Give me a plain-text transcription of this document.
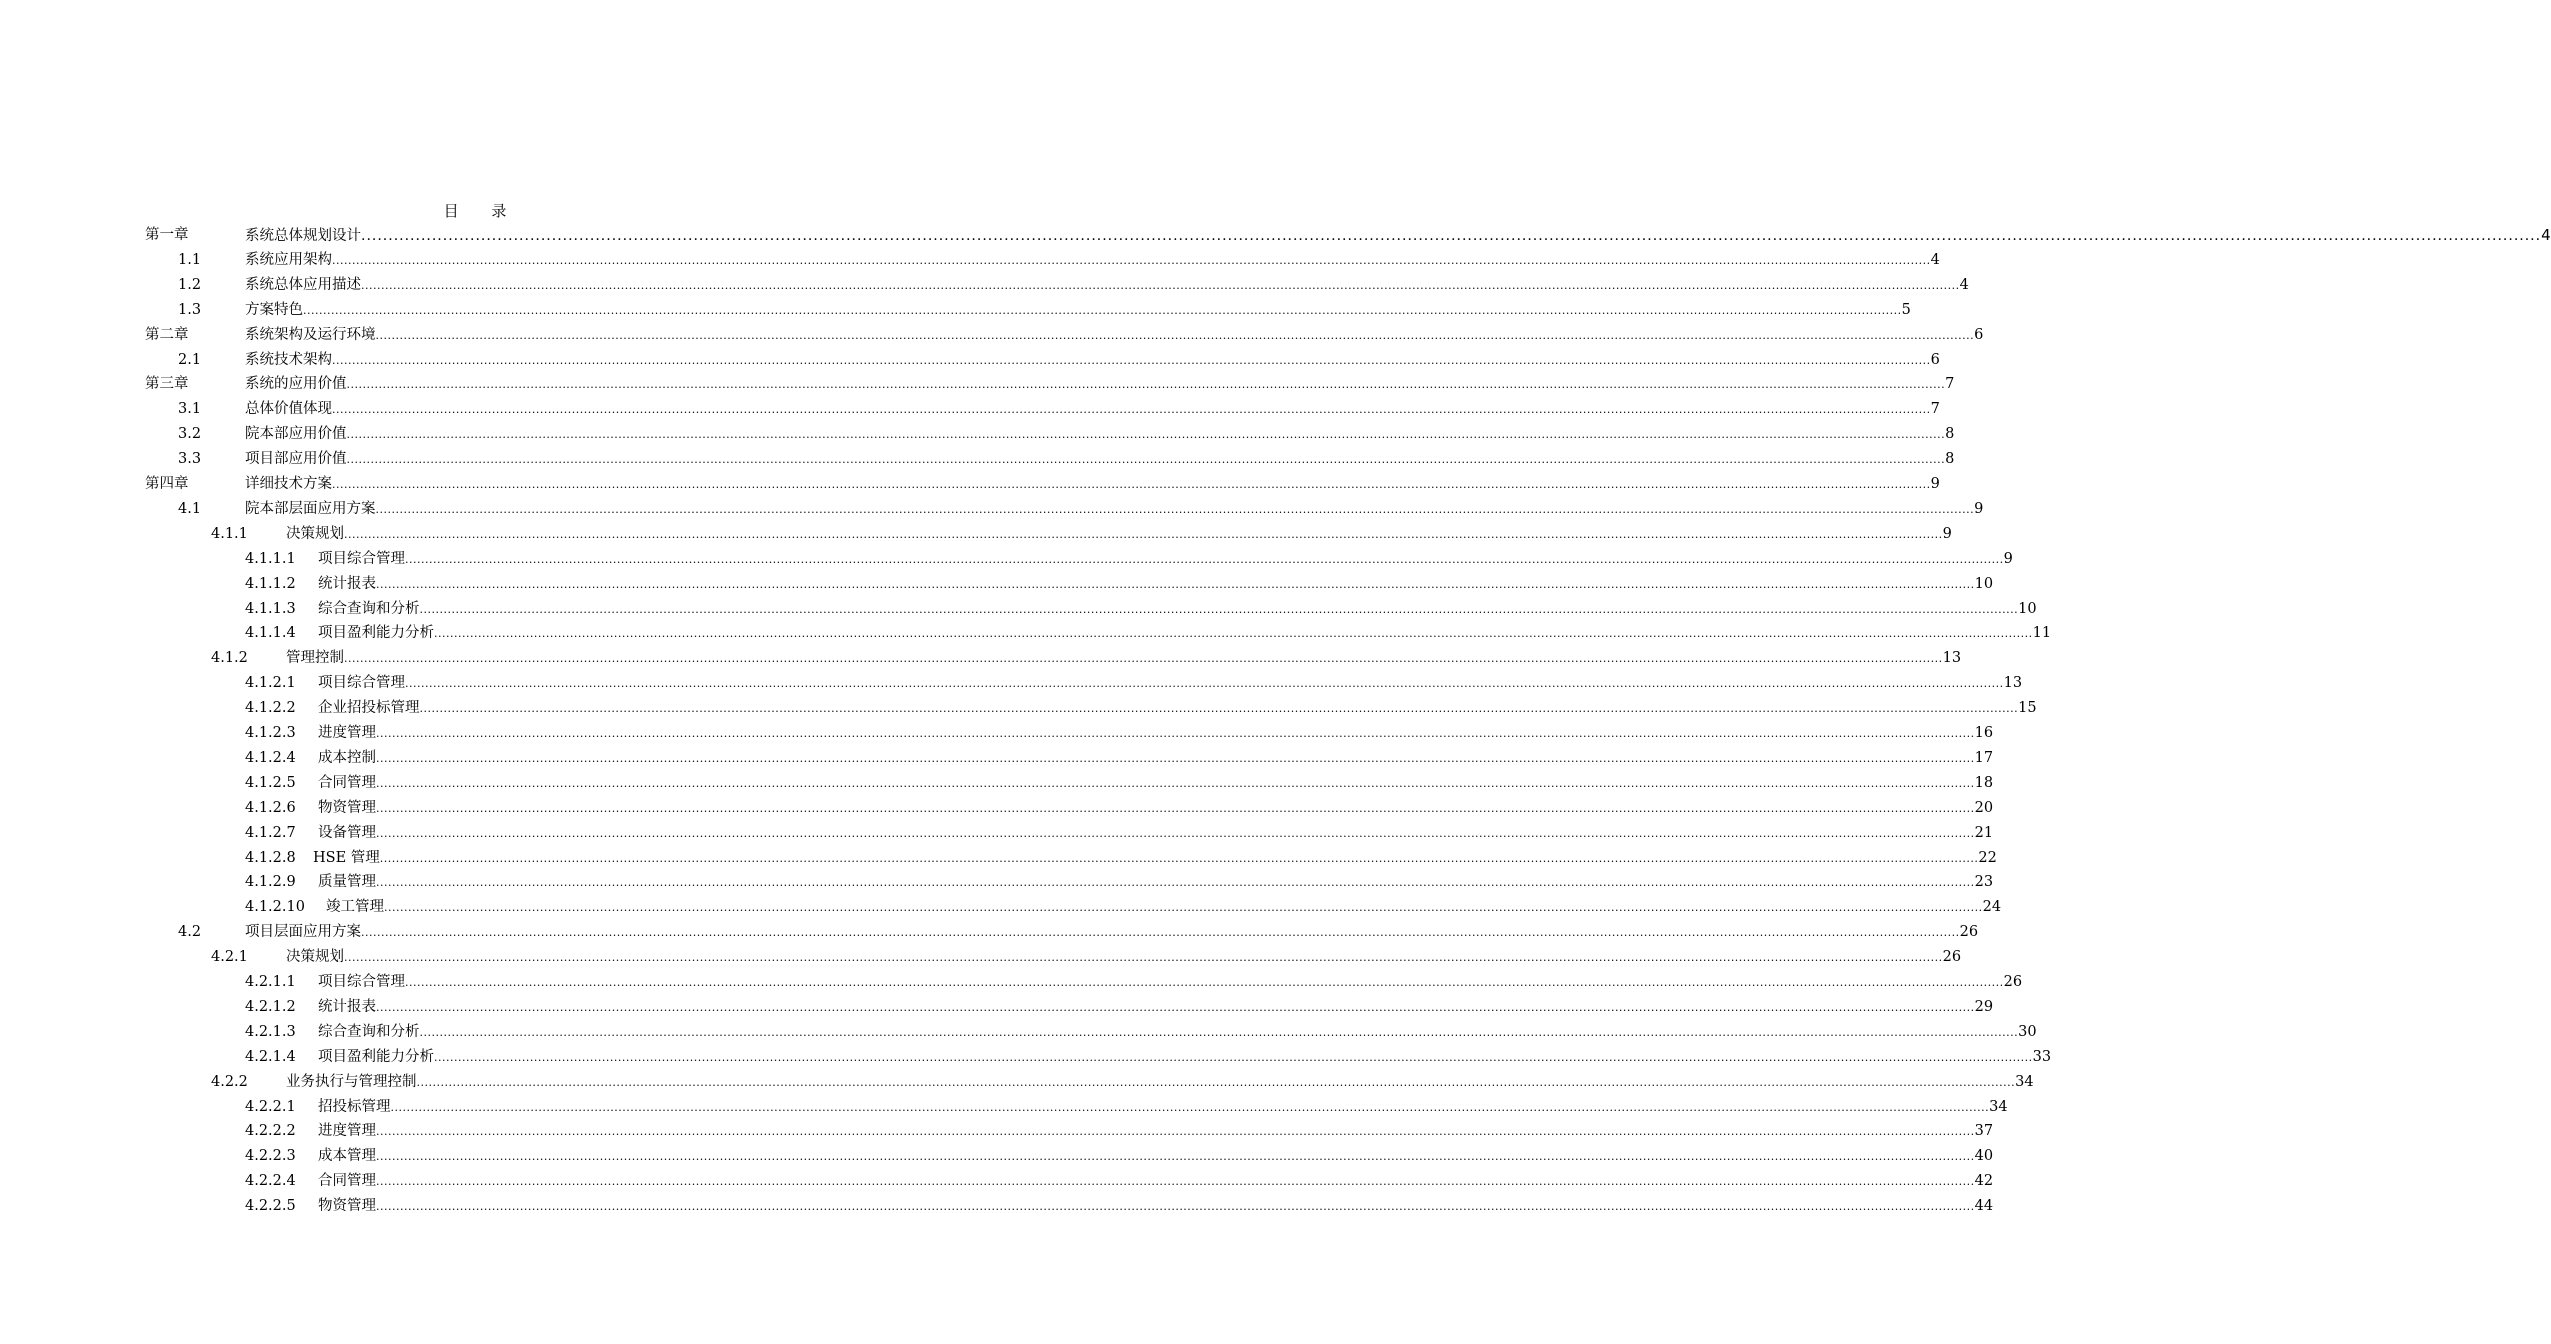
目 录
第一章	系统总体规划设计 ................................................................................................................................................................................................................................................................................................................................................................................................................ 4
1.1	系统应用架构 ................................................................................................................................................................................................................................................................................................................................................................................................................ 4
1.2	系统总体应用描述 ................................................................................................................................................................................................................................................................................................................................................................................................................ 4
1.3	方案特色 ................................................................................................................................................................................................................................................................................................................................................................................................................ 5
第二章	系统架构及运行环境 ................................................................................................................................................................................................................................................................................................................................................................................................................ 6
2.1	系统技术架构 ................................................................................................................................................................................................................................................................................................................................................................................................................ 6
第三章	系统的应用价值 ................................................................................................................................................................................................................................................................................................................................................................................................................ 7
3.1	总体价值体现 ................................................................................................................................................................................................................................................................................................................................................................................................................ 7
3.2	院本部应用价值 ................................................................................................................................................................................................................................................................................................................................................................................................................ 8
3.3	项目部应用价值 ................................................................................................................................................................................................................................................................................................................................................................................................................ 8
第四章	详细技术方案 ................................................................................................................................................................................................................................................................................................................................................................................................................ 9
4.1	院本部层面应用方案 ................................................................................................................................................................................................................................................................................................................................................................................................................ 9
4.1.1	决策规划 ................................................................................................................................................................................................................................................................................................................................................................................................................ 9
4.1.1.1 项目综合管理 ................................................................................................................................................................................................................................................................................................................................................................................................................ 9
4.1.1.2 统计报表 ................................................................................................................................................................................................................................................................................................................................................................................................................ 10
4.1.1.3 综合查询和分析 ................................................................................................................................................................................................................................................................................................................................................................................................................ 10
4.1.1.4 项目盈利能力分析 ................................................................................................................................................................................................................................................................................................................................................................................................................ 11
4.1.2	管理控制 ................................................................................................................................................................................................................................................................................................................................................................................................................ 13
4.1.2.1 项目综合管理 ................................................................................................................................................................................................................................................................................................................................................................................................................ 13
4.1.2.2 企业招投标管理 ................................................................................................................................................................................................................................................................................................................................................................................................................ 15
4.1.2.3 进度管理 ................................................................................................................................................................................................................................................................................................................................................................................................................ 16
4.1.2.4 成本控制 ................................................................................................................................................................................................................................................................................................................................................................................................................ 17
4.1.2.5 合同管理 ................................................................................................................................................................................................................................................................................................................................................................................................................ 18
4.1.2.6 物资管理 ................................................................................................................................................................................................................................................................................................................................................................................................................ 20
4.1.2.7 设备管理 ................................................................................................................................................................................................................................................................................................................................................................................................................ 21
4.1.2.8 HSE 管理 ................................................................................................................................................................................................................................................................................................................................................................................................................ 22
4.1.2.9 质量管理 ................................................................................................................................................................................................................................................................................................................................................................................................................ 23
4.1.2.10 竣工管理 ................................................................................................................................................................................................................................................................................................................................................................................................................ 24
4.2	项目层面应用方案 ................................................................................................................................................................................................................................................................................................................................................................................................................ 26
4.2.1	决策规划 ................................................................................................................................................................................................................................................................................................................................................................................................................ 26
4.2.1.1 项目综合管理 ................................................................................................................................................................................................................................................................................................................................................................................................................ 26
4.2.1.2 统计报表 ................................................................................................................................................................................................................................................................................................................................................................................................................ 29
4.2.1.3 综合查询和分析 ................................................................................................................................................................................................................................................................................................................................................................................................................ 30
4.2.1.4 项目盈利能力分析 ................................................................................................................................................................................................................................................................................................................................................................................................................ 33
4.2.2	业务执行与管理控制 ................................................................................................................................................................................................................................................................................................................................................................................................................ 34
4.2.2.1 招投标管理 ................................................................................................................................................................................................................................................................................................................................................................................................................ 34
4.2.2.2 进度管理 ................................................................................................................................................................................................................................................................................................................................................................................................................ 37
4.2.2.3 成本管理 ................................................................................................................................................................................................................................................................................................................................................................................................................ 40
4.2.2.4 合同管理 ................................................................................................................................................................................................................................................................................................................................................................................................................ 42
4.2.2.5 物资管理 ................................................................................................................................................................................................................................................................................................................................................................................................................ 44
